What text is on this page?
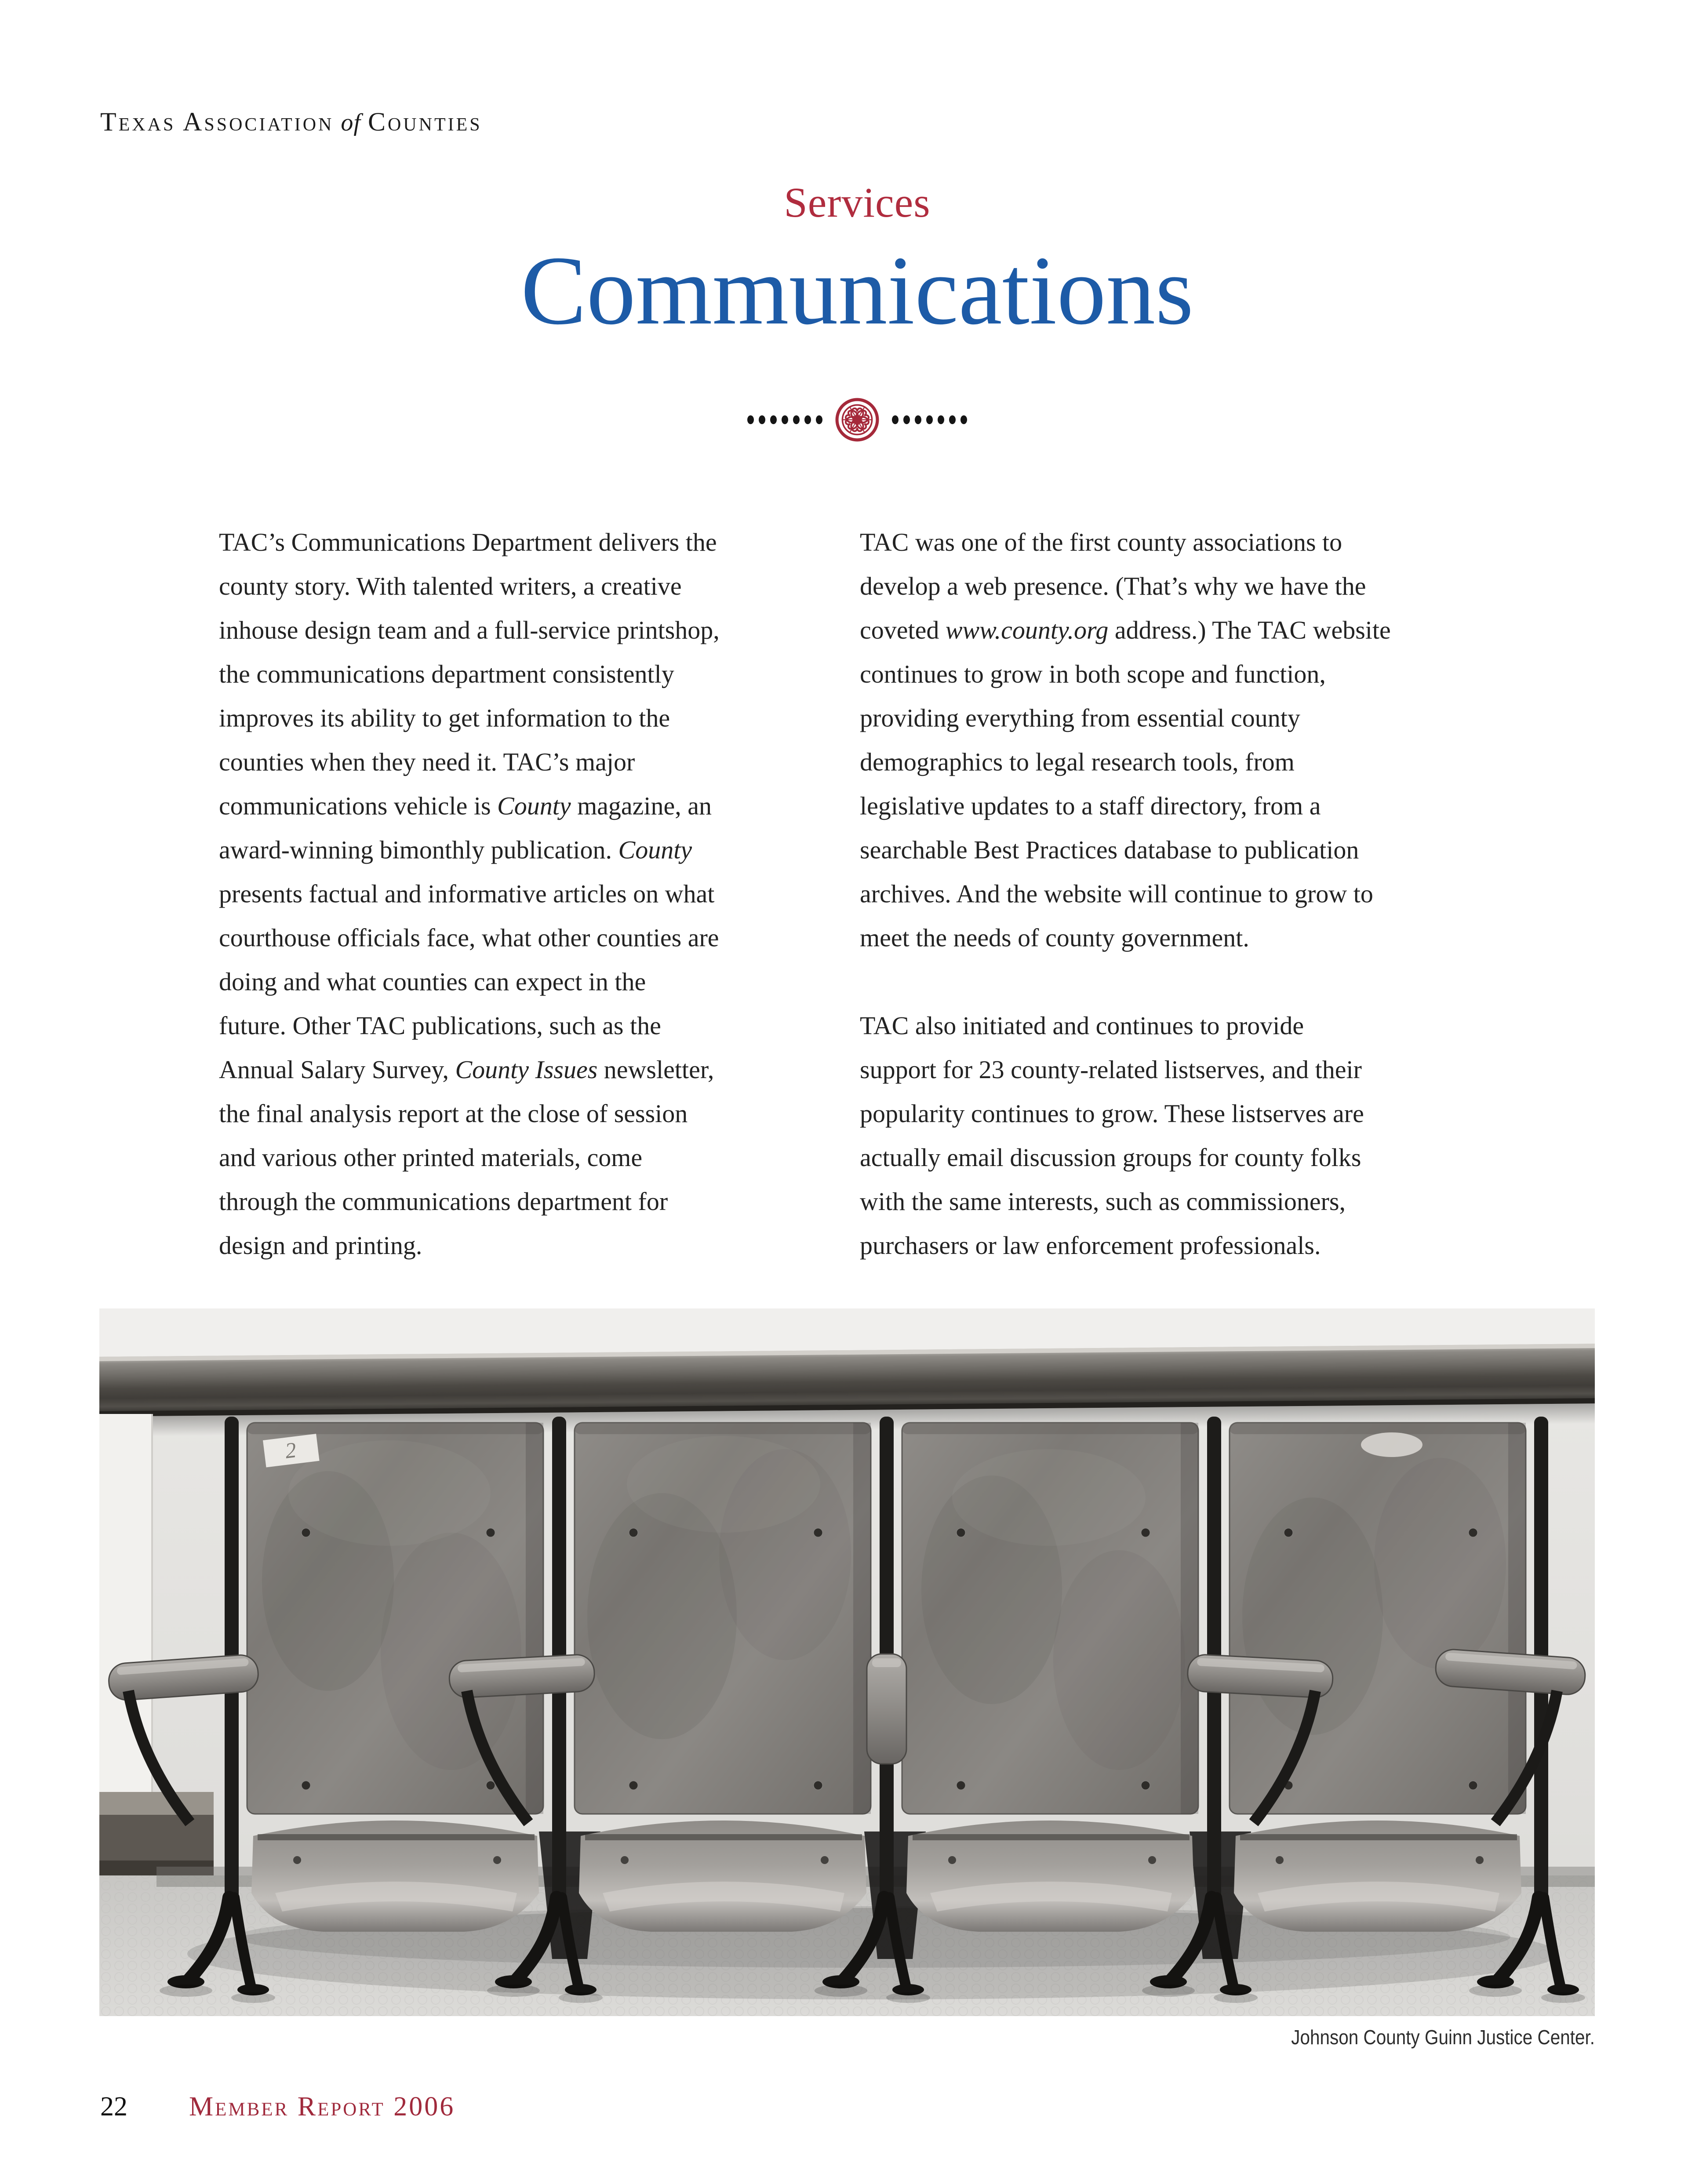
Texas Association of Counties
Services
Communications
TAC’s Communications Department delivers the
county story. With talented writers, a creative
inhouse design team and a full-service printshop,
the communications department consistently
improves its ability to get information to the
counties when they need it. TAC’s major
communications vehicle is County magazine, an
award-winning bimonthly publication. County
presents factual and informative articles on what
courthouse officials face, what other counties are
doing and what counties can expect in the
future. Other TAC publications, such as the
Annual Salary Survey, County Issues newsletter,
the final analysis report at the close of session
and various other printed materials, come
through the communications department for
design and printing.
TAC was one of the first county associations to
develop a web presence. (That’s why we have the
coveted www.county.org address.) The TAC website
continues to grow in both scope and function,
providing everything from essential county
demographics to legal research tools, from
legislative updates to a staff directory, from a
searchable Best Practices database to publication
archives. And the website will continue to grow to
meet the needs of county government.

TAC also initiated and continues to provide
support for 23 county-related listserves, and their
popularity continues to grow. These listserves are
actually email discussion groups for county folks
with the same interests, such as commissioners,
purchasers or law enforcement professionals.
2
Johnson County Guinn Justice Center.
22 Member Report 2006
